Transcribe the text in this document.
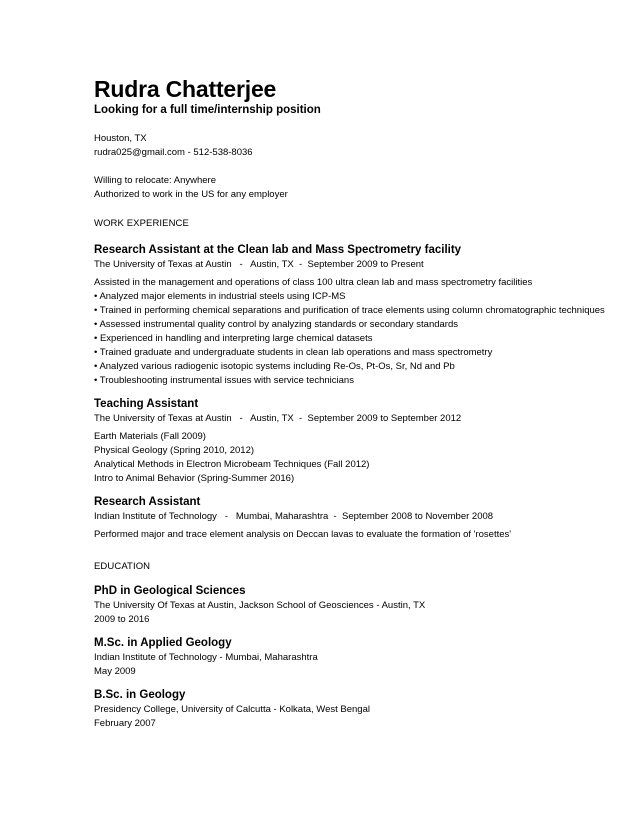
Rudra Chatterjee

Looking for a full time/internship position

Houston, TX

rudra025@gmail.com - 512-538-8036

Willing to relocate: Anywhere

Authorized to work in the US for any employer

WORK EXPERIENCE

Research Assistant at the Clean lab and Mass Spectrometry facility

The University of Texas at Austin   -   Austin, TX  -  September 2009 to Present

Assisted in the management and operations of class 100 ultra clean lab and mass spectrometry facilities

• Analyzed major elements in industrial steels using ICP-MS

• Trained in performing chemical separations and purification of trace elements using column chromatographic techniques

• Assessed instrumental quality control by analyzing standards or secondary standards

• Experienced in handling and interpreting large chemical datasets

• Trained graduate and undergraduate students in clean lab operations and mass spectrometry

• Analyzed various radiogenic isotopic systems including Re-Os, Pt-Os, Sr, Nd and Pb

• Troubleshooting instrumental issues with service technicians

Teaching Assistant

The University of Texas at Austin   -   Austin, TX  -  September 2009 to September 2012

Earth Materials (Fall 2009)

Physical Geology (Spring 2010, 2012)

Analytical Methods in Electron Microbeam Techniques (Fall 2012)

Intro to Animal Behavior (Spring-Summer 2016)

Research Assistant

Indian Institute of Technology   -   Mumbai, Maharashtra  -  September 2008 to November 2008

Performed major and trace element analysis on Deccan lavas to evaluate the formation of 'rosettes'

EDUCATION

PhD in Geological Sciences

The University Of Texas at Austin, Jackson School of Geosciences - Austin, TX

2009 to 2016

M.Sc. in Applied Geology

Indian Institute of Technology - Mumbai, Maharashtra

May 2009

B.Sc. in Geology

Presidency College, University of Calcutta - Kolkata, West Bengal

February 2007
